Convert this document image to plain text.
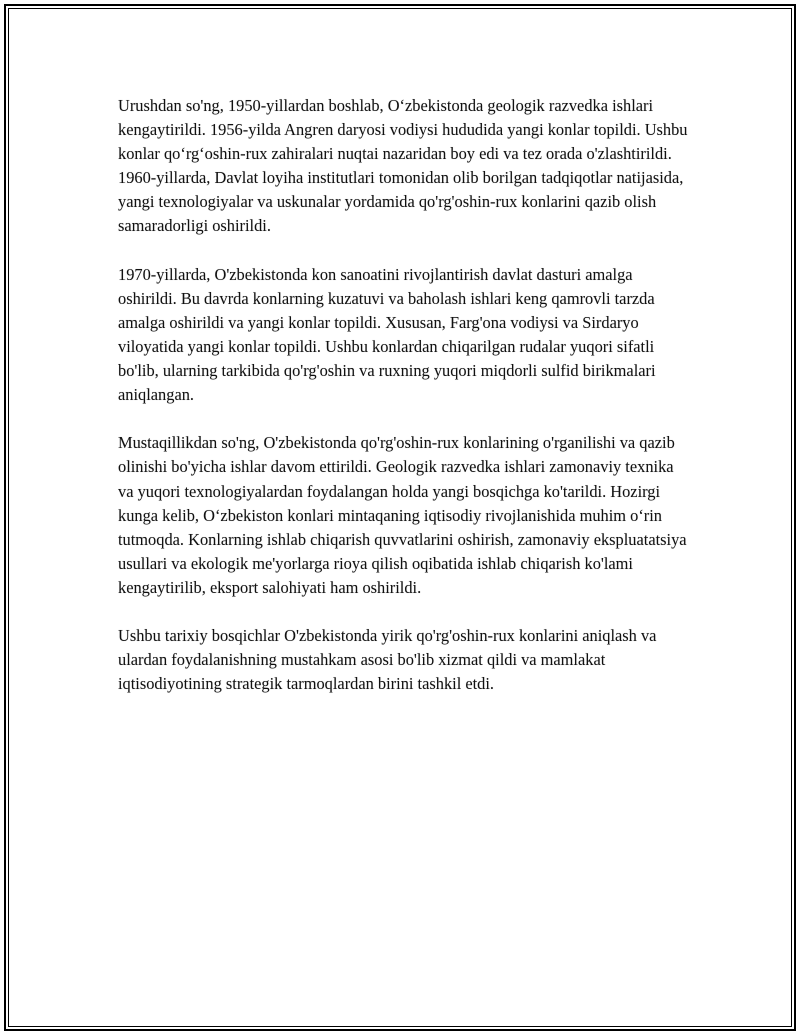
Urushdan so'ng, 1950-yillardan boshlab, O‘zbekistonda geologik razvedka ishlari kengaytirildi. 1956-yilda Angren daryosi vodiysi hududida yangi konlar topildi. Ushbu konlar qo‘rg‘oshin-rux zahiralari nuqtai nazaridan boy edi va tez orada o'zlashtirildi. 1960-yillarda, Davlat loyiha institutlari tomonidan olib borilgan tadqiqotlar natijasida, yangi texnologiyalar va uskunalar yordamida qo'rg'oshin-rux konlarini qazib olish samaradorligi oshirildi.

1970-yillarda, O'zbekistonda kon sanoatini rivojlantirish davlat dasturi amalga oshirildi. Bu davrda konlarning kuzatuvi va baholash ishlari keng qamrovli tarzda amalga oshirildi va yangi konlar topildi. Xususan, Farg'ona vodiysi va Sirdaryo viloyatida yangi konlar topildi. Ushbu konlardan chiqarilgan rudalar yuqori sifatli bo'lib, ularning tarkibida qo'rg'oshin va ruxning yuqori miqdorli sulfid birikmalari aniqlangan.

Mustaqillikdan so'ng, O'zbekistonda qo'rg'oshin-rux konlarining o'rganilishi va qazib olinishi bo'yicha ishlar davom ettirildi. Geologik razvedka ishlari zamonaviy texnika va yuqori texnologiyalardan foydalangan holda yangi bosqichga ko'tarildi. Hozirgi kunga kelib, O‘zbekiston konlari mintaqaning iqtisodiy rivojlanishida muhim o‘rin tutmoqda. Konlarning ishlab chiqarish quvvatlarini oshirish, zamonaviy ekspluatatsiya usullari va ekologik me'yorlarga rioya qilish oqibatida ishlab chiqarish ko'lami kengaytirilib, eksport salohiyati ham oshirildi.

Ushbu tarixiy bosqichlar O'zbekistonda yirik qo'rg'oshin-rux konlarini aniqlash va ulardan foydalanishning mustahkam asosi bo'lib xizmat qildi va mamlakat iqtisodiyotining strategik tarmoqlardan birini tashkil etdi.
